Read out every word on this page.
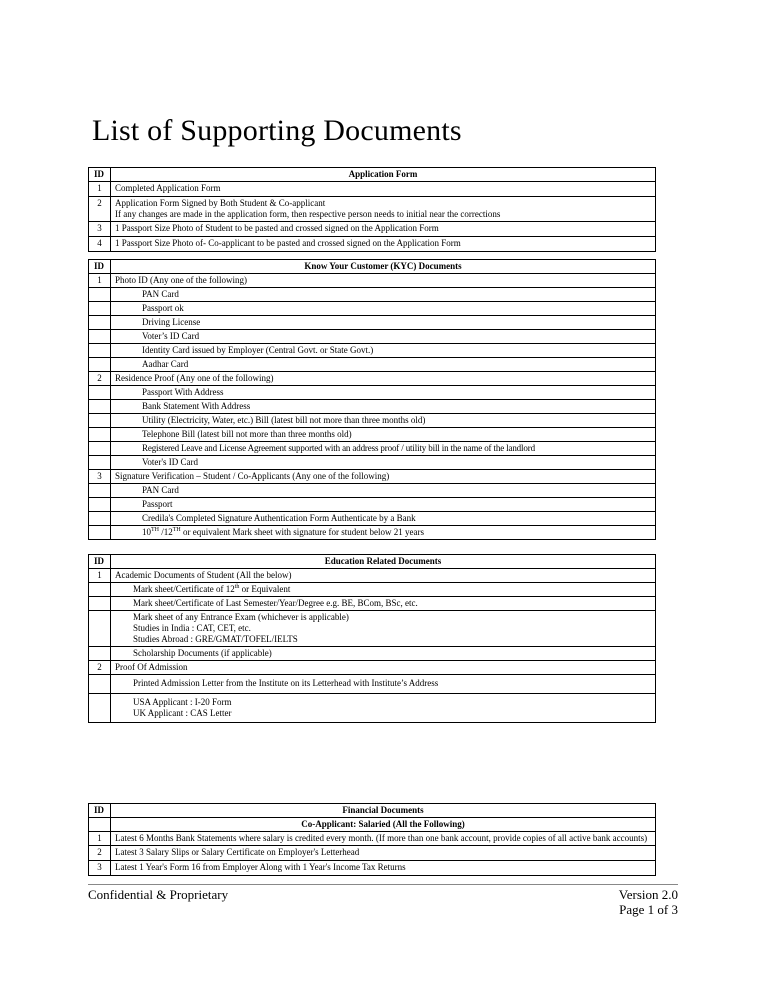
List of Supporting Documents
ID	Application Form
1	Completed Application Form
2	Application Form Signed by Both Student & Co-applicant
If any changes are made in the application form, then respective person needs to initial near the corrections

3	1 Passport Size Photo of Student to be pasted and crossed signed on the Application Form
4	1 Passport Size Photo of- Co-applicant to be pasted and crossed signed on the Application Form
ID	Know Your Customer (KYC) Documents
1	Photo ID (Any one of the following)
	PAN Card
	Passport ok
	Driving License
	Voter’s ID Card
	Identity Card issued by Employer (Central Govt. or State Govt.)
	Aadhar Card
2	Residence Proof (Any one of the following)
	Passport With Address
	Bank Statement With Address
	Utility (Electricity, Water, etc.) Bill (latest bill not more than three months old)
	Telephone Bill (latest bill not more than three months old)
	Registered Leave and License Agreement supported with an address proof / utility bill in the name of the landlord
	Voter's ID Card
3	Signature Verification – Student / Co-Applicants (Any one of the following)
	PAN Card
	Passport
	Credila's Completed Signature Authentication Form Authenticate by a Bank
	10TH /12TH or equivalent Mark sheet with signature for student below 21 years
ID	Education Related Documents
1	Academic Documents of Student (All the below)
	Mark sheet/Certificate of 12th or Equivalent
	Mark sheet/Certificate of Last Semester/Year/Degree e.g. BE, BCom, BSc, etc.

	Mark sheet of any Entrance Exam (whichever is applicable)
Studies in India : CAT, CET, etc.
Studies Abroad : GRE/GMAT/TOFEL/IELTS

	Scholarship Documents (if applicable)
2	Proof Of Admission
	Printed Admission Letter from the Institute on its Letterhead with Institute’s Address

	USA Applicant : I-20 Form
UK Applicant : CAS Letter
ID	Financial Documents
	Co-Applicant: Salaried (All the Following)
1	Latest 6 Months Bank Statements where salary is credited every month. (If more than one bank account, provide copies of all active bank accounts)
2	Latest 3 Salary Slips or Salary Certificate on Employer's Letterhead
3	Latest 1 Year's Form 16 from Employer Along with 1 Year's Income Tax Returns
Confidential & Proprietary	Version 2.0
Page 1 of 3
